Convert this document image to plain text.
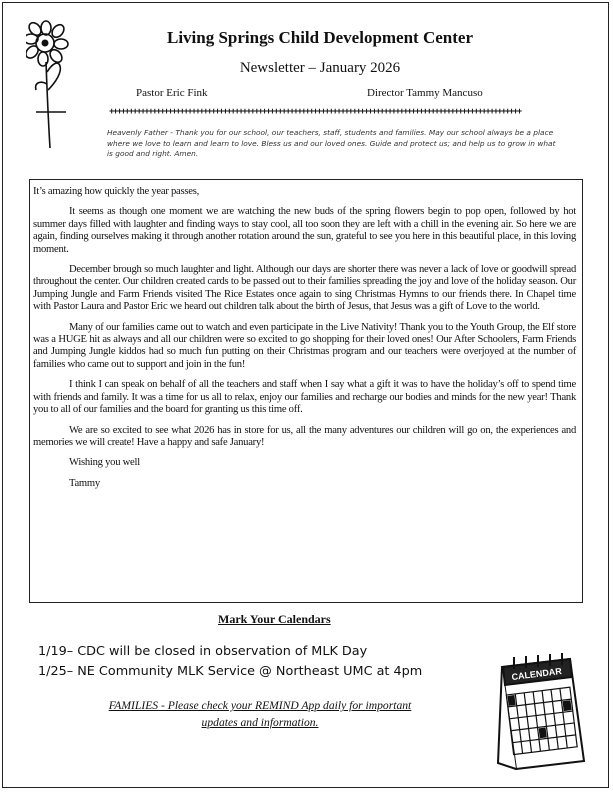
Living Springs Child Development Center
Newsletter – January 2026
Pastor Eric Fink	Director Tammy Mancuso
+++++++++++++++++++++++++++++++++++++++++++++++++++++++++++++++++++++++++++++++++++++++++++++++++++++++++
Heavenly Father - Thank you for our school, our teachers, staff, students and families. May our school always be a place where we love to learn and learn to love. Bless us and our loved ones. Guide and protect us; and help us to grow in what is good and right. Amen.

It’s amazing how quickly the year passes,

It seems as though one moment we are watching the new buds of the spring flowers begin to pop open, followed by hot summer days filled with laughter and finding ways to stay cool, all too soon they are left with a chill in the evening air. So here we are again, finding ourselves making it through another rotation around the sun, grateful to see you here in this beautiful place, in this loving moment.

December brough so much laughter and light. Although our days are shorter there was never a lack of love or goodwill spread throughout the center. Our children created cards to be passed out to their families spreading the joy and love of the holiday season. Our Jumping Jungle and Farm Friends visited The Rice Estates once again to sing Christmas Hymns to our friends there. In Chapel time with Pastor Laura and Pastor Eric we heard out children talk about the birth of Jesus, that Jesus was a gift of Love to the world.

Many of our families came out to watch and even participate in the Live Nativity! Thank you to the Youth Group, the Elf store was a HUGE hit as always and all our children were so excited to go shopping for their loved ones! Our After Schoolers, Farm Friends and Jumping Jungle kiddos had so much fun putting on their Christmas program and our teachers were overjoyed at the number of families who came out to support and join in the fun!

I think I can speak on behalf of all the teachers and staff when I say what a gift it was to have the holiday’s off to spend time with friends and family. It was a time for us all to relax, enjoy our families and recharge our bodies and minds for the new year! Thank you to all of our families and the board for granting us this time off.

We are so excited to see what 2026 has in store for us, all the many adventures our children will go on, the experiences and memories we will create! Have a happy and safe January!

Wishing you well

Tammy

Mark Your Calendars
1/19– CDC will be closed in observation of MLK Day
1/25– NE Community MLK Service @ Northeast UMC at 4pm
FAMILIES - Please check your REMIND App daily for important
updates and information.
CALENDAR
